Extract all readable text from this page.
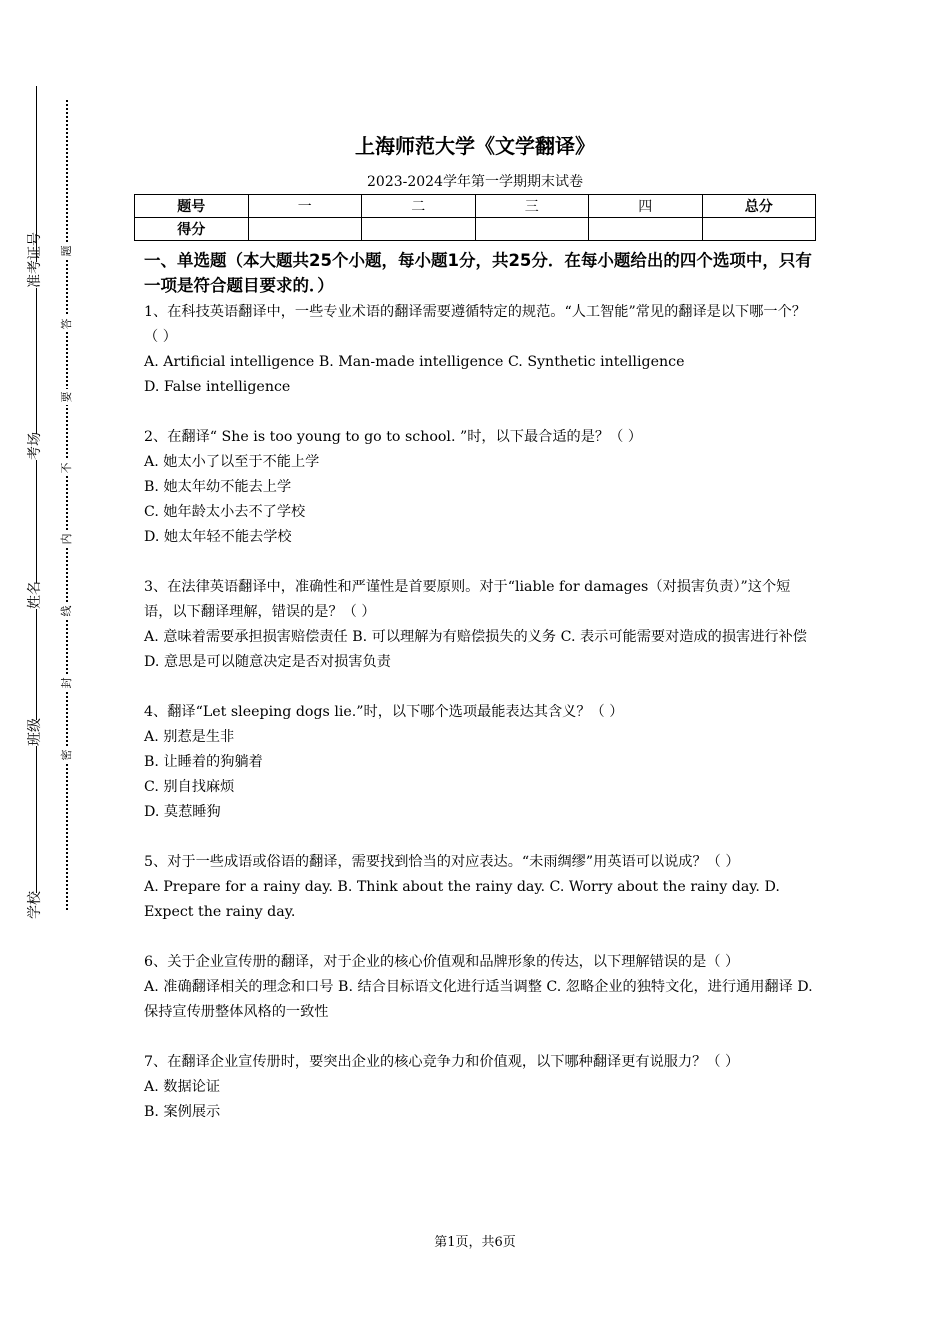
准考证号
考场
姓名
班级
学校
题
答
要
不
内
线
封
密
上海师范大学《文学翻译》
2023-2024学年第一学期期末试卷
题号	一	二	三	四	总分
得分					

一、单选题（本大题共25个小题，每小题1分，共25分．在每小题给出的四个选项中，只有一项是符合题目要求的．）

1、在科技英语翻译中，一些专业术语的翻译需要遵循特定的规范。“人工智能”常见的翻译是以下哪一个？（ ）

A. Artificial intelligence B. Man-made intelligence C. Synthetic intelligence

D. False intelligence

2、在翻译“ She is too young to go to school. ”时，以下最合适的是？（ ）

A. 她太小了以至于不能上学

B. 她太年幼不能去上学

C. 她年龄太小去不了学校

D. 她太年轻不能去学校

3、在法律英语翻译中，准确性和严谨性是首要原则。对于“liable for damages（对损害负责）”这个短语，以下翻译理解，错误的是？（ ）

A. 意味着需要承担损害赔偿责任 B. 可以理解为有赔偿损失的义务 C. 表示可能需要对造成的损害进行补偿 D. 意思是可以随意决定是否对损害负责

4、翻译“Let sleeping dogs lie.”时，以下哪个选项最能表达其含义？（ ）

A. 别惹是生非

B. 让睡着的狗躺着

C. 别自找麻烦

D. 莫惹睡狗

5、对于一些成语或俗语的翻译，需要找到恰当的对应表达。“未雨绸缪”用英语可以说成？（ ）

A. Prepare for a rainy day. B. Think about the rainy day. C. Worry about the rainy day. D. Expect the rainy day.

6、关于企业宣传册的翻译，对于企业的核心价值观和品牌形象的传达，以下理解错误的是（ ）

A. 准确翻译相关的理念和口号 B. 结合目标语文化进行适当调整 C. 忽略企业的独特文化，进行通用翻译 D. 保持宣传册整体风格的一致性

7、在翻译企业宣传册时，要突出企业的核心竞争力和价值观，以下哪种翻译更有说服力？（ ）

A. 数据论证

B. 案例展示

第1页，共6页
